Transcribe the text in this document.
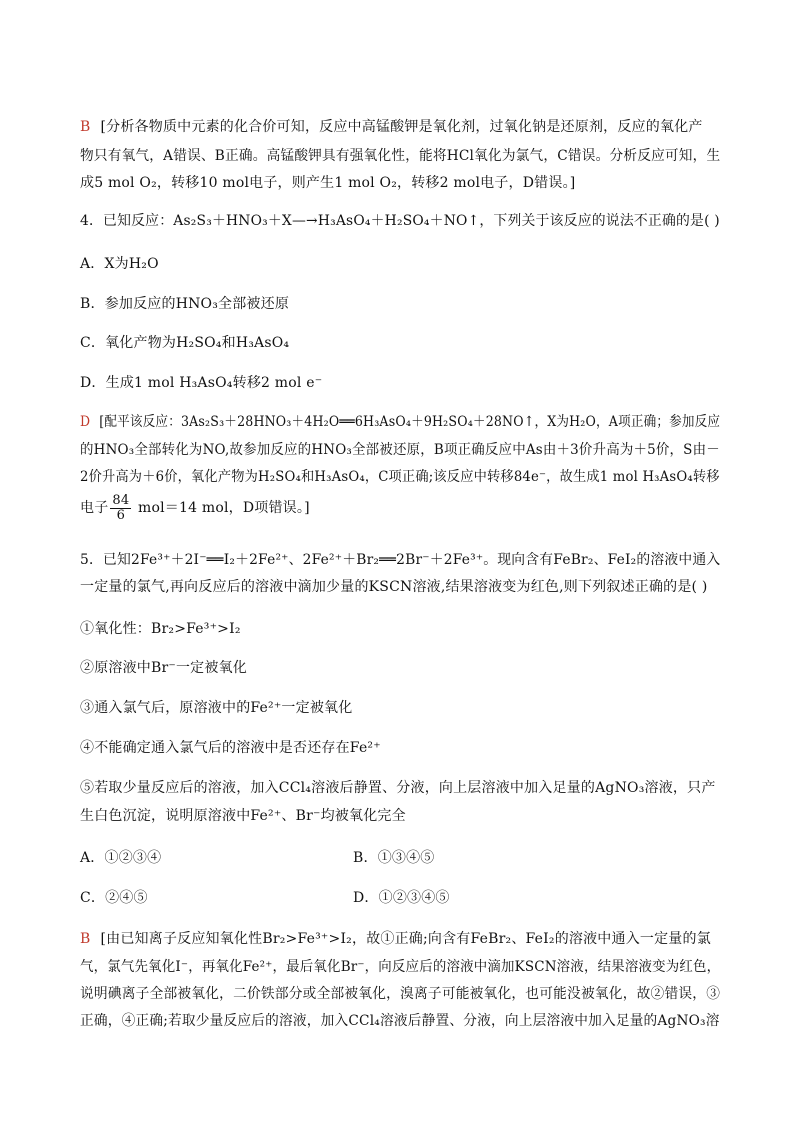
B [分析各物质中元素的化合价可知，反应中高锰酸钾是氧化剂，过氧化钠是还原剂，反应的氧化产
物只有氧气，A错误、B正确。高锰酸钾具有强氧化性，能将HCl氧化为氯气，C错误。分析反应可知，生
成5 mol O₂，转移10 mol电子，则产生1 mol O₂，转移2 mol电子，D错误。]
4．已知反应：As₂S₃＋HNO₃＋X—→H₃AsO₄＋H₂SO₄＋NO↑，下列关于该反应的说法不正确的是( )
A．X为H₂O
B．参加反应的HNO₃全部被还原
C．氧化产物为H₂SO₄和H₃AsO₄
D．生成1 mol H₃AsO₄转移2 mol e⁻
D [配平该反应：3As₂S₃＋28HNO₃＋4H₂O══6H₃AsO₄＋9H₂SO₄＋28NO↑，X为H₂O，A项正确；参加反应
的HNO₃全部转化为NO,故参加反应的HNO₃全部被还原，B项正确反应中As由＋3价升高为＋5价，S由－
2价升高为＋6价，氧化产物为H₂SO₄和H₃AsO₄，C项正确;该反应中转移84e⁻，故生成1 mol H₃AsO₄转移
电子 $\frac{84}{6} mol=14$ mol，D项错误。]
5．已知2Fe³⁺＋2I⁻══I₂＋2Fe²⁺、2Fe²⁺＋Br₂══2Br⁻＋2Fe³⁺。现向含有FeBr₂、FeI₂的溶液中通入
一定量的氯气,再向反应后的溶液中滴加少量的KSCN溶液,结果溶液变为红色,则下列叙述正确的是( )
①氧化性：Br₂>Fe³⁺>I₂
②原溶液中Br⁻一定被氧化
③通入氯气后，原溶液中的Fe²⁺一定被氧化
④不能确定通入氯气后的溶液中是否还存在Fe²⁺
⑤若取少量反应后的溶液，加入CCl₄溶液后静置、分液，向上层溶液中加入足量的AgNO₃溶液，只产
生白色沉淀，说明原溶液中Fe²⁺、Br⁻均被氧化完全
A．①②③④	B．①③④⑤
C．②④⑤	D．①②③④⑤
B [由已知离子反应知氧化性Br₂>Fe³⁺>I₂，故①正确;向含有FeBr₂、FeI₂的溶液中通入一定量的氯
气，氯气先氧化I⁻，再氧化Fe²⁺，最后氧化Br⁻，向反应后的溶液中滴加KSCN溶液，结果溶液变为红色，
说明碘离子全部被氧化，二价铁部分或全部被氧化，溴离子可能被氧化，也可能没被氧化，故②错误，③
正确，④正确;若取少量反应后的溶液，加入CCl₄溶液后静置、分液，向上层溶液中加入足量的AgNO₃溶
